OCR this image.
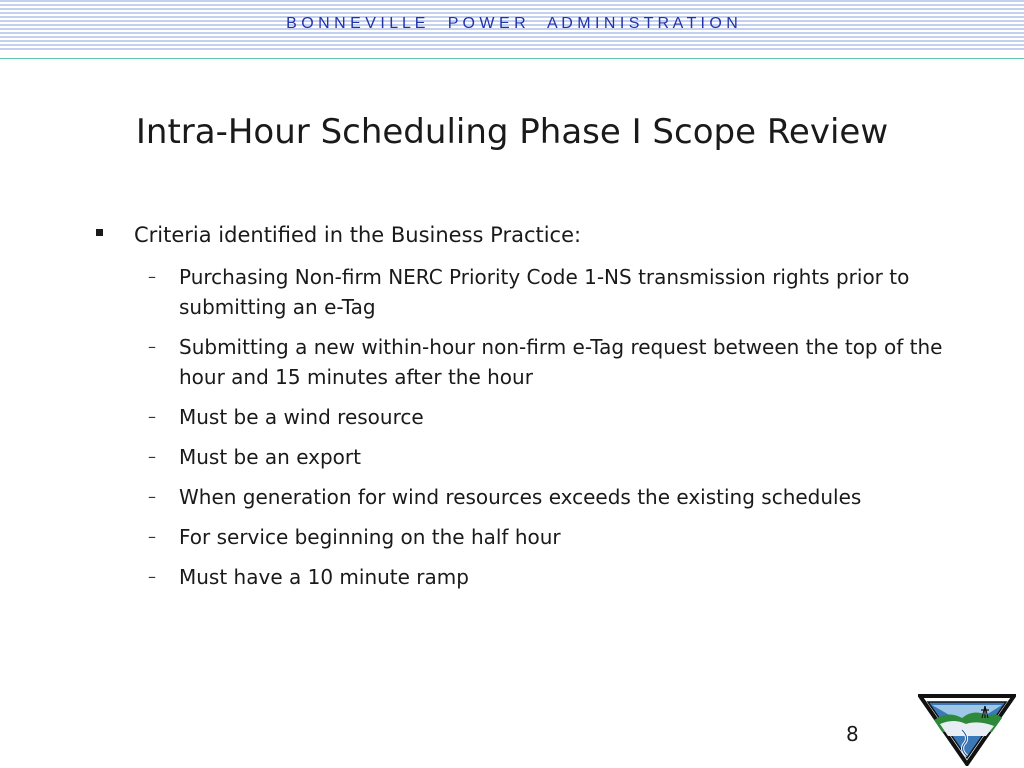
B O N N E V I L L E     P O W E R     A D M I N I S T R A T I O N
Intra-Hour Scheduling Phase I Scope Review
Criteria identified in the Business Practice:
– Purchasing Non-firm NERC Priority Code 1-NS transmission rights prior to submitting an e-Tag
– Submitting a new within-hour non-firm e-Tag request between the top of the hour and 15 minutes after the hour
– Must be a wind resource
– Must be an export
– When generation for wind resources exceeds the existing schedules
– For service beginning on the half hour
– Must have a 10 minute ramp
8
